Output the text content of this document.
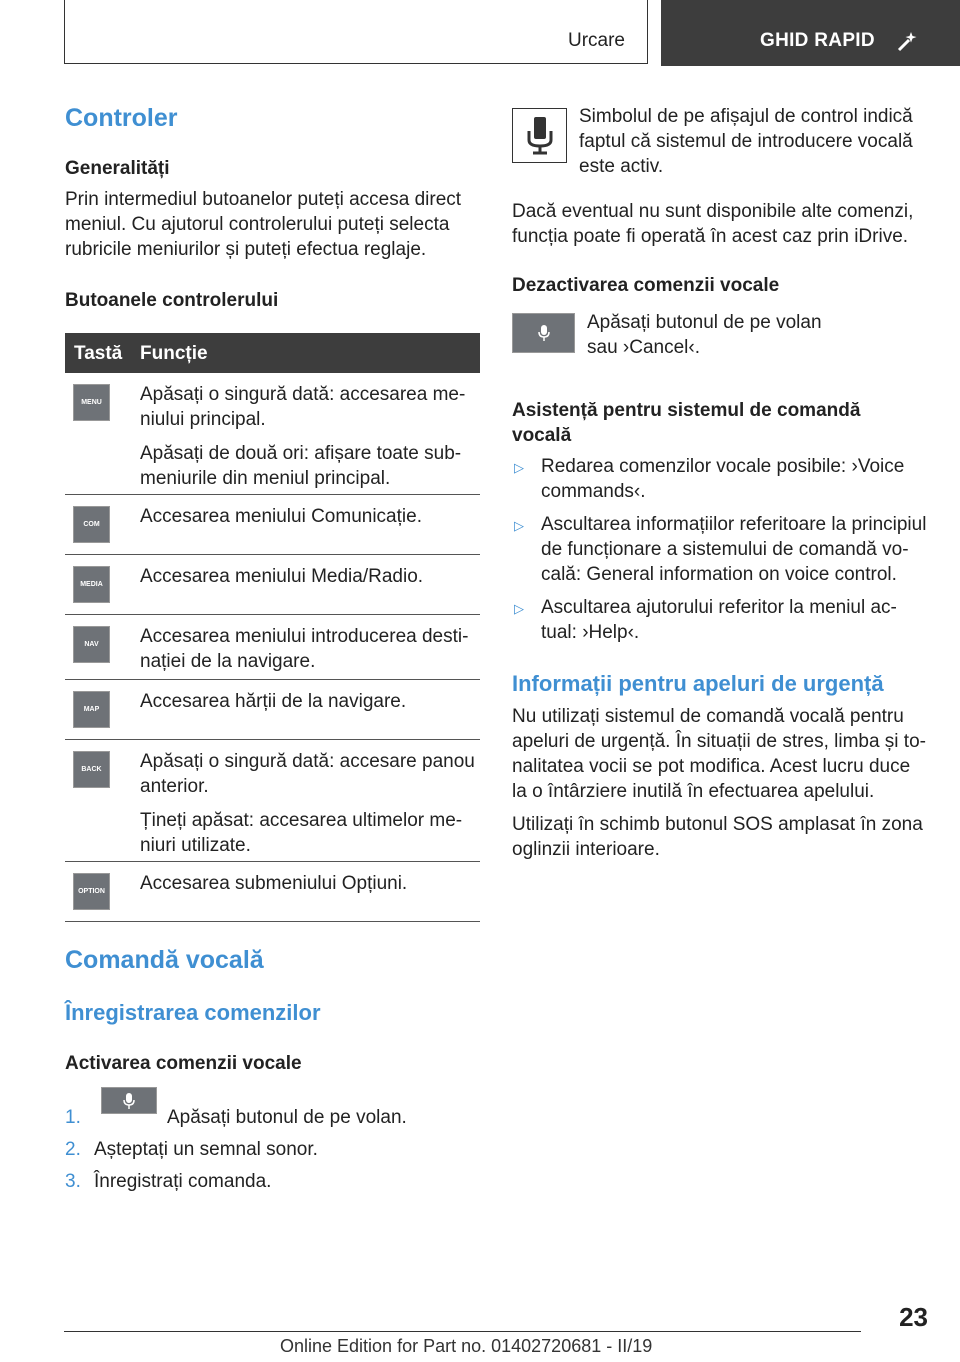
Urcare	GHID RAPID
Controler
Generalități
Prin intermediul butoanelor puteți accesa direct
meniul. Cu ajutorul controlerului puteți selecta
rubricile meniurilor și puteți efectua reglaje.
Butoanele controlerului
Tastă Funcție
MENU	Apăsați o singură dată: accesarea me-
niului principal.

Apăsați de două ori: afișare toate sub-
meniurile din meniul principal.

COM	Accesarea meniului Comunicație.

MEDIA	Accesarea meniului Media/Radio.

NAV	Accesarea meniului introducerea desti-
nației de la navigare.

MAP	Accesarea hărții de la navigare.

BACK	Apăsați o singură dată: accesare panou
anterior.

Țineți apăsat: accesarea ultimelor me-
niuri utilizate.

OPTION Accesarea submeniului Opțiuni.

Comandă vocală
Înregistrarea comenzilor
Activarea comenzii vocale
1.	Apăsați butonul de pe volan.
2. Așteptați un semnal sonor.
3. Înregistrați comanda.
Simbolul de pe afișajul de control indică
faptul că sistemul de introducere vocală
este activ.
Dacă eventual nu sunt disponibile alte comenzi,
funcția poate fi operată în acest caz prin iDrive.
Dezactivarea comenzii vocale
Apăsați butonul de pe volan
sau ›Cancel‹.
Asistență pentru sistemul de comandă
vocală
▷ Redarea comenzilor vocale posibile: ›Voice
commands‹.
▷ Ascultarea informațiilor referitoare la principiul
de funcționare a sistemului de comandă vo-
cală: General information on voice control.
▷ Ascultarea ajutorului referitor la meniul ac-
tual: ›Help‹.
Informații pentru apeluri de urgență
Nu utilizați sistemul de comandă vocală pentru
apeluri de urgență. În situații de stres, limba și to-
nalitatea vocii se pot modifica. Acest lucru duce
la o întârziere inutilă în efectuarea apelului.
Utilizați în schimb butonul SOS amplasat în zona
oglinzii interioare.
23
Online Edition for Part no. 01402720681 - II/19
